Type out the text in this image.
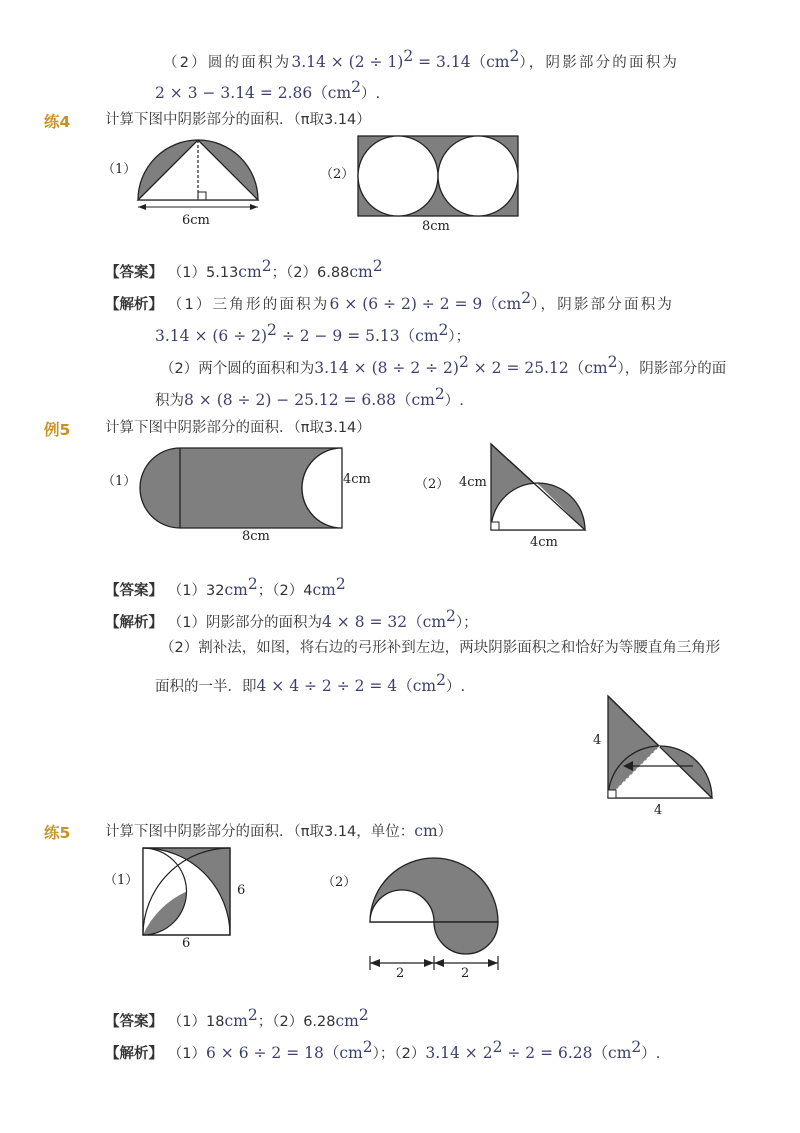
（2）圆的面积为$3.14 \times (2 \div 1)^2 = 3.14(cm^2)$，阴影部分的面积为
$2 \times 3 - 3.14 = 2.86(cm^2)$.
练4 计算下图中阴影部分的面积．（π取3.14）
（1）
6cm
（2）
8cm
【答案】 $(1)5.13cm^2$；$(2)6.88cm^2$
【解析】 （1）三角形的面积为$6 \times (6 \div 2) \div 2 = 9(cm^2)$，阴影部分面积为
$3.14 \times (6 \div 2)^2 \div 2 - 9 = 5.13(cm^2)$；
（2）两个圆的面积和为$3.14 \times (8 \div 2 \div 2)^2 \times 2 = 25.12(cm^2)$，阴影部分的面
积为$8 \times (8 \div 2) - 25.12 = 6.88(cm^2)$.
例5 计算下图中阴影部分的面积．（π取3.14）
（1）	4cm
8cm
（2） 4cm
4cm
【答案】 $(1)32cm^2$；$(2)4cm^2$
【解析】 （1）阴影部分的面积为$4 \times 8 = 32(cm^2)$；
（2）割补法，如图，将右边的弓形补到左边，两块阴影面积之和恰好为等腰直角三角形
面积的一半．即$4 \times 4 \div 2 \div 2 = 4(cm^2)$.
4
4
练5 计算下图中阴影部分的面积．（π取3.14，单位：cm）
（1）
6
6
（2）
2	2
【答案】 $(1)18cm^2$；$(2)6.28cm^2$
【解析】 $(1)6 \times 6 \div 2 = 18(cm^2)$；$(2)3.14 \times 2^2 \div 2 = 6.28(cm^2)$.
